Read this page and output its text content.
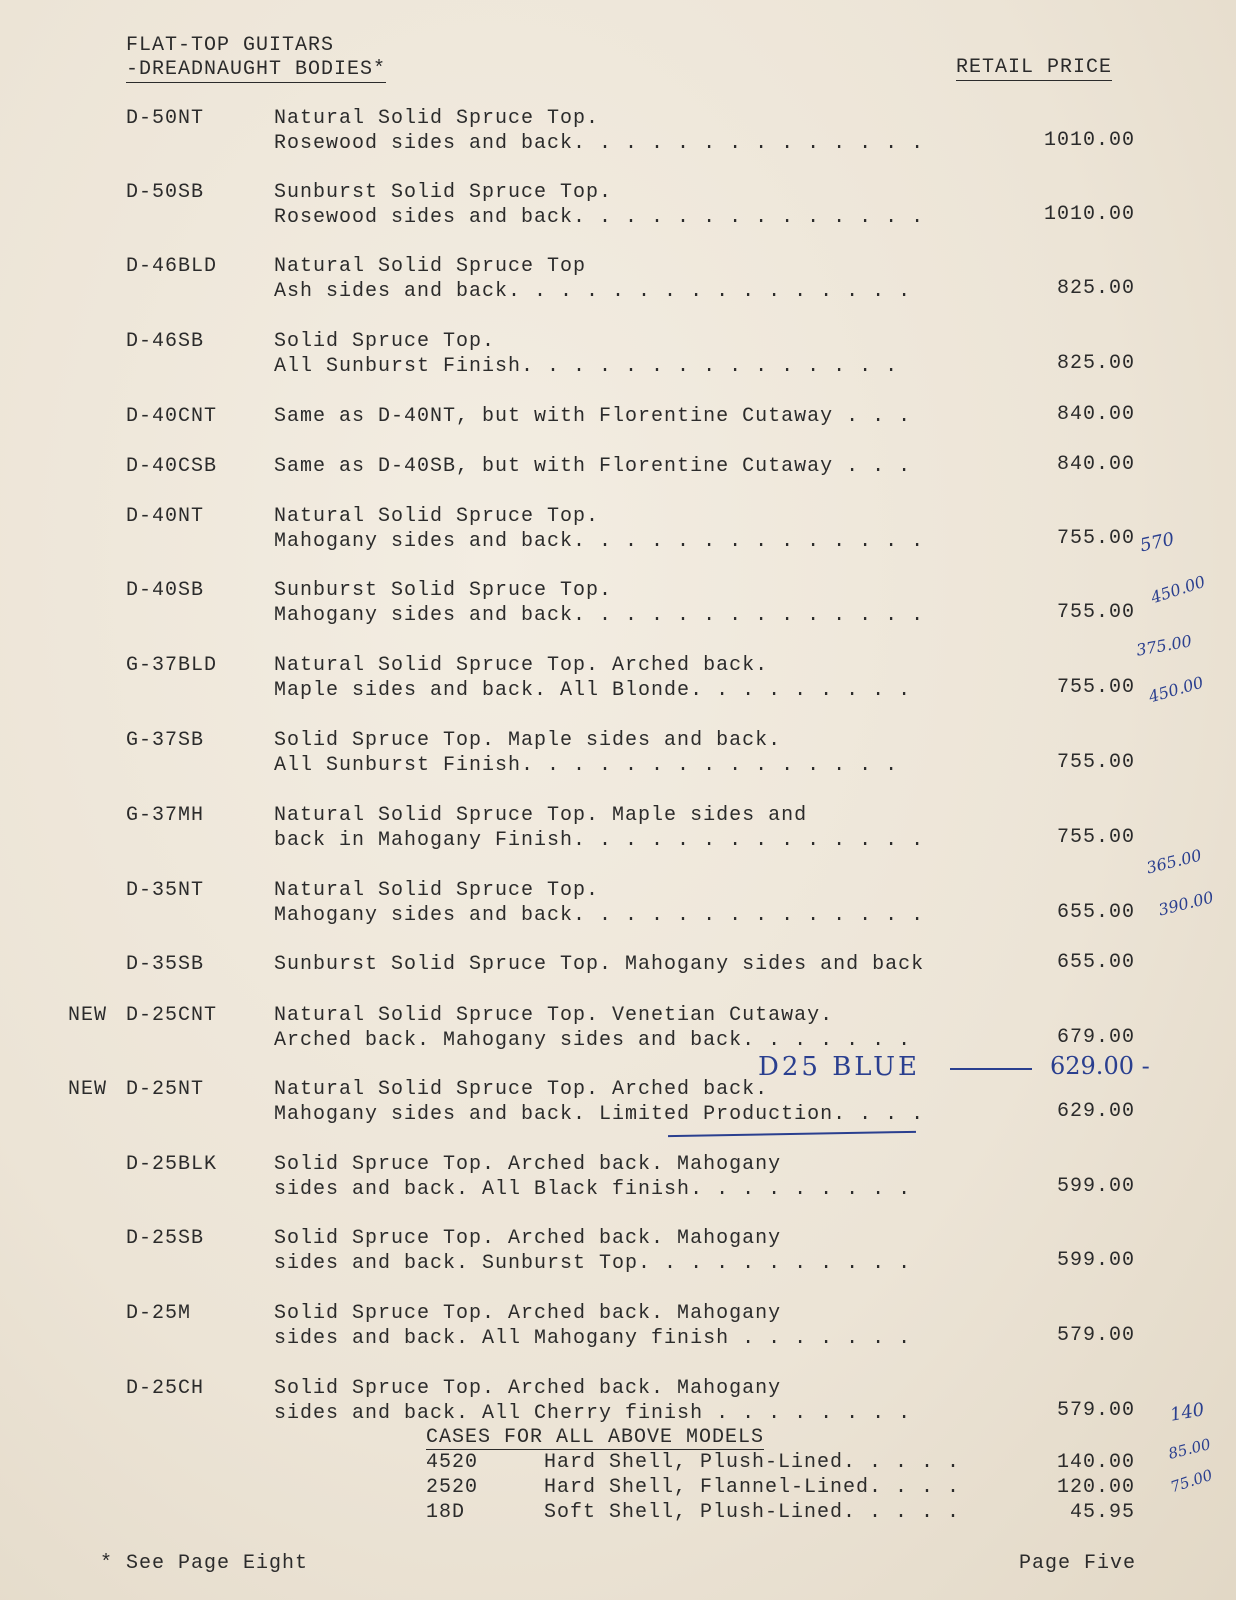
FLAT-TOP GUITARS
-DREADNAUGHT BODIES*	RETAIL PRICE
D-50NT	Natural Solid Spruce Top.
Rosewood sides and back. . . . . . . . . . . . . .	1010.00
D-50SB	Sunburst Solid Spruce Top.
Rosewood sides and back. . . . . . . . . . . . . .	1010.00
D-46BLD	Natural Solid Spruce Top
Ash sides and back. . . . . . . . . . . . . . . .	825.00
D-46SB	Solid Spruce Top.
All Sunburst Finish. . . . . . . . . . . . . . .	825.00
D-40CNT	Same as D-40NT, but with Florentine Cutaway . . .	840.00
D-40CSB	Same as D-40SB, but with Florentine Cutaway . . .	840.00
D-40NT	Natural Solid Spruce Top.
Mahogany sides and back. . . . . . . . . . . . . .	755.00
D-40SB	Sunburst Solid Spruce Top.
Mahogany sides and back. . . . . . . . . . . . . .	755.00
G-37BLD	Natural Solid Spruce Top. Arched back.
Maple sides and back. All Blonde. . . . . . . . .	755.00
G-37SB	Solid Spruce Top. Maple sides and back.
All Sunburst Finish. . . . . . . . . . . . . . .	755.00
G-37MH	Natural Solid Spruce Top. Maple sides and
back in Mahogany Finish. . . . . . . . . . . . . .	755.00
D-35NT	Natural Solid Spruce Top.
Mahogany sides and back. . . . . . . . . . . . . .	655.00
D-35SB	Sunburst Solid Spruce Top. Mahogany sides and back	655.00
NEW D-25CNT	Natural Solid Spruce Top. Venetian Cutaway.
Arched back. Mahogany sides and back. . . . . . .	679.00
NEW D-25NT	Natural Solid Spruce Top. Arched back.
Mahogany sides and back. Limited Production. . . .	629.00
D-25BLK	Solid Spruce Top. Arched back. Mahogany
sides and back. All Black finish. . . . . . . . .	599.00
D-25SB	Solid Spruce Top. Arched back. Mahogany
sides and back. Sunburst Top. . . . . . . . . . .	599.00
D-25M	Solid Spruce Top. Arched back. Mahogany
sides and back. All Mahogany finish . . . . . . .	579.00
D-25CH	Solid Spruce Top. Arched back. Mahogany
sides and back. All Cherry finish . . . . . . . .	579.00
CASES FOR ALL ABOVE MODELS
4520	Hard Shell, Plush-Lined. . . . .	140.00
2520	Hard Shell, Flannel-Lined. . . .	120.00
18D	Soft Shell, Plush-Lined. . . . .	45.95
* See Page Eight	Page Five
570
450.00
375.00
450.00
365.00
390.00
D25 BLUE	629.00 -
140
85.00
75.00
